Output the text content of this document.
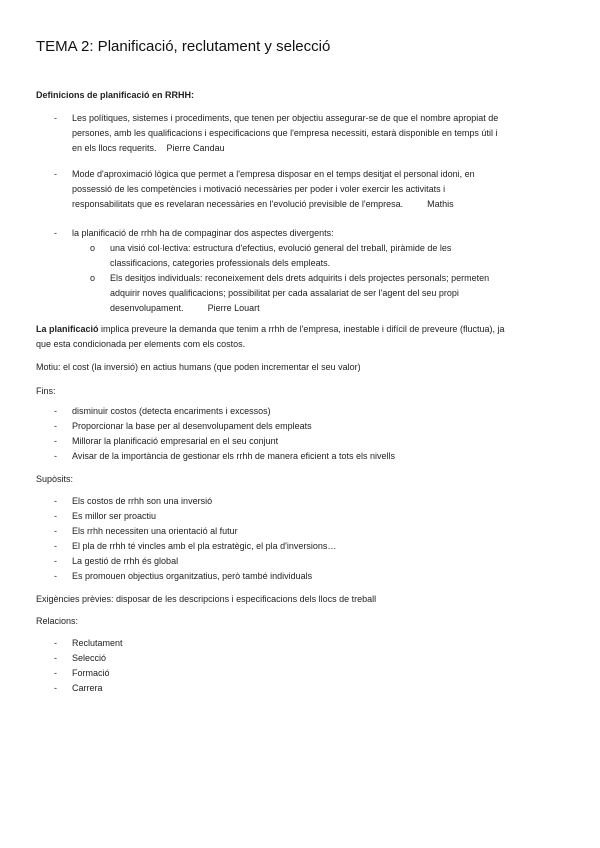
TEMA 2: Planificació, reclutament y selecció
Definicions de planificació en RRHH:
- Les polítiques, sistemes i procediments, que tenen per objectiu assegurar-se de que el nombre apropiat de
persones, amb les qualificacions i especificacions que l'empresa necessiti, estarà disponible en temps útil i
en els llocs requerits. Pierre Candau
- Mode d'aproximació lògica que permet a l'empresa disposar en el temps desitjat el personal idoni, en
possessió de les competències i motivació necessàries per poder i voler exercir les activitats i
responsabilitats que es revelaran necessàries en l'evolució previsible de l'empresa.	Mathis
- la planificació de rrhh ha de compaginar dos aspectes divergents:
o una visió col·lectiva: estructura d'efectius, evolució general del treball, piràmide de les
classificacions, categories professionals dels empleats.
o Els desitjos individuals: reconeixement dels drets adquirits i dels projectes personals; permeten
adquirir noves qualificacions; possibilitat per cada assalariat de ser l'agent del seu propi
desenvolupament.	Pierre Louart
La planificació implica preveure la demanda que tenim a rrhh de l'empresa, inestable i difícil de preveure (fluctua), ja
que esta condicionada per elements com els costos.
Motiu: el cost (la inversió) en actius humans (que poden incrementar el seu valor)
Fins:
- disminuir costos (detecta encariments i excessos)
- Proporcionar la base per al desenvolupament dels empleats
- Millorar la planificació empresarial en el seu conjunt
- Avisar de la importància de gestionar els rrhh de manera eficient a tots els nivells
Supòsits:
- Els costos de rrhh son una inversió
- Es millor ser proactiu
- Els rrhh necessiten una orientació al futur
- El pla de rrhh té vincles amb el pla estratègic, el pla d'inversions…
- La gestió de rrhh és global
- Es promouen objectius organitzatius, però també individuals
Exigències prèvies: disposar de les descripcions i especificacions dels llocs de treball
Relacions:
- Reclutament
- Selecció
- Formació
- Carrera
